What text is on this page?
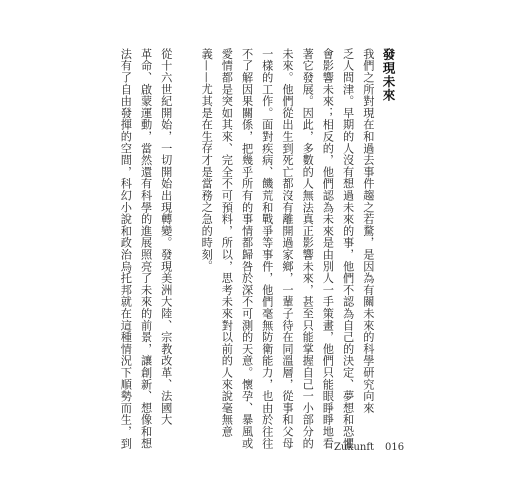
發現未來
我們之所對現在和過去事件趨之若騖，是因為有關未來的科學研究向來
乏人問津。早期的人沒有想過未來的事，他們不認為自己的決定、夢想和恐懼
會影響未來；相反的，他們認為未來是由別人一手策畫，他們只能眼睜睜地看
著它發展。因此，多數的人無法真正影響未來，甚至只能掌握自己一小部分的
未來。他們從出生到死亡都沒有離開過家鄉，一輩子待在同溫層，從事和父母
一樣的工作。面對疾病、饑荒和戰爭等事件，他們毫無防衛能力，也由於往往
不了解因果關係，把幾乎所有的事情都歸咎於深不可測的天意。懷孕、暴風或
愛情都是突如其來、完全不可預料，所以，思考未來對以前的人來說毫無意
義——尤其是在生存才是當務之急的時刻。

從十六世紀開始，一切開始出現轉變。發現美洲大陸、宗教改革、法國大
革命、啟蒙運動，當然還有科學的進展照亮了未來的前景，讓創新、想像和想
法有了自由發揮的空間，科幻小說和政治烏托邦就在這種情況下順勢而生，到	Zukunft 016
